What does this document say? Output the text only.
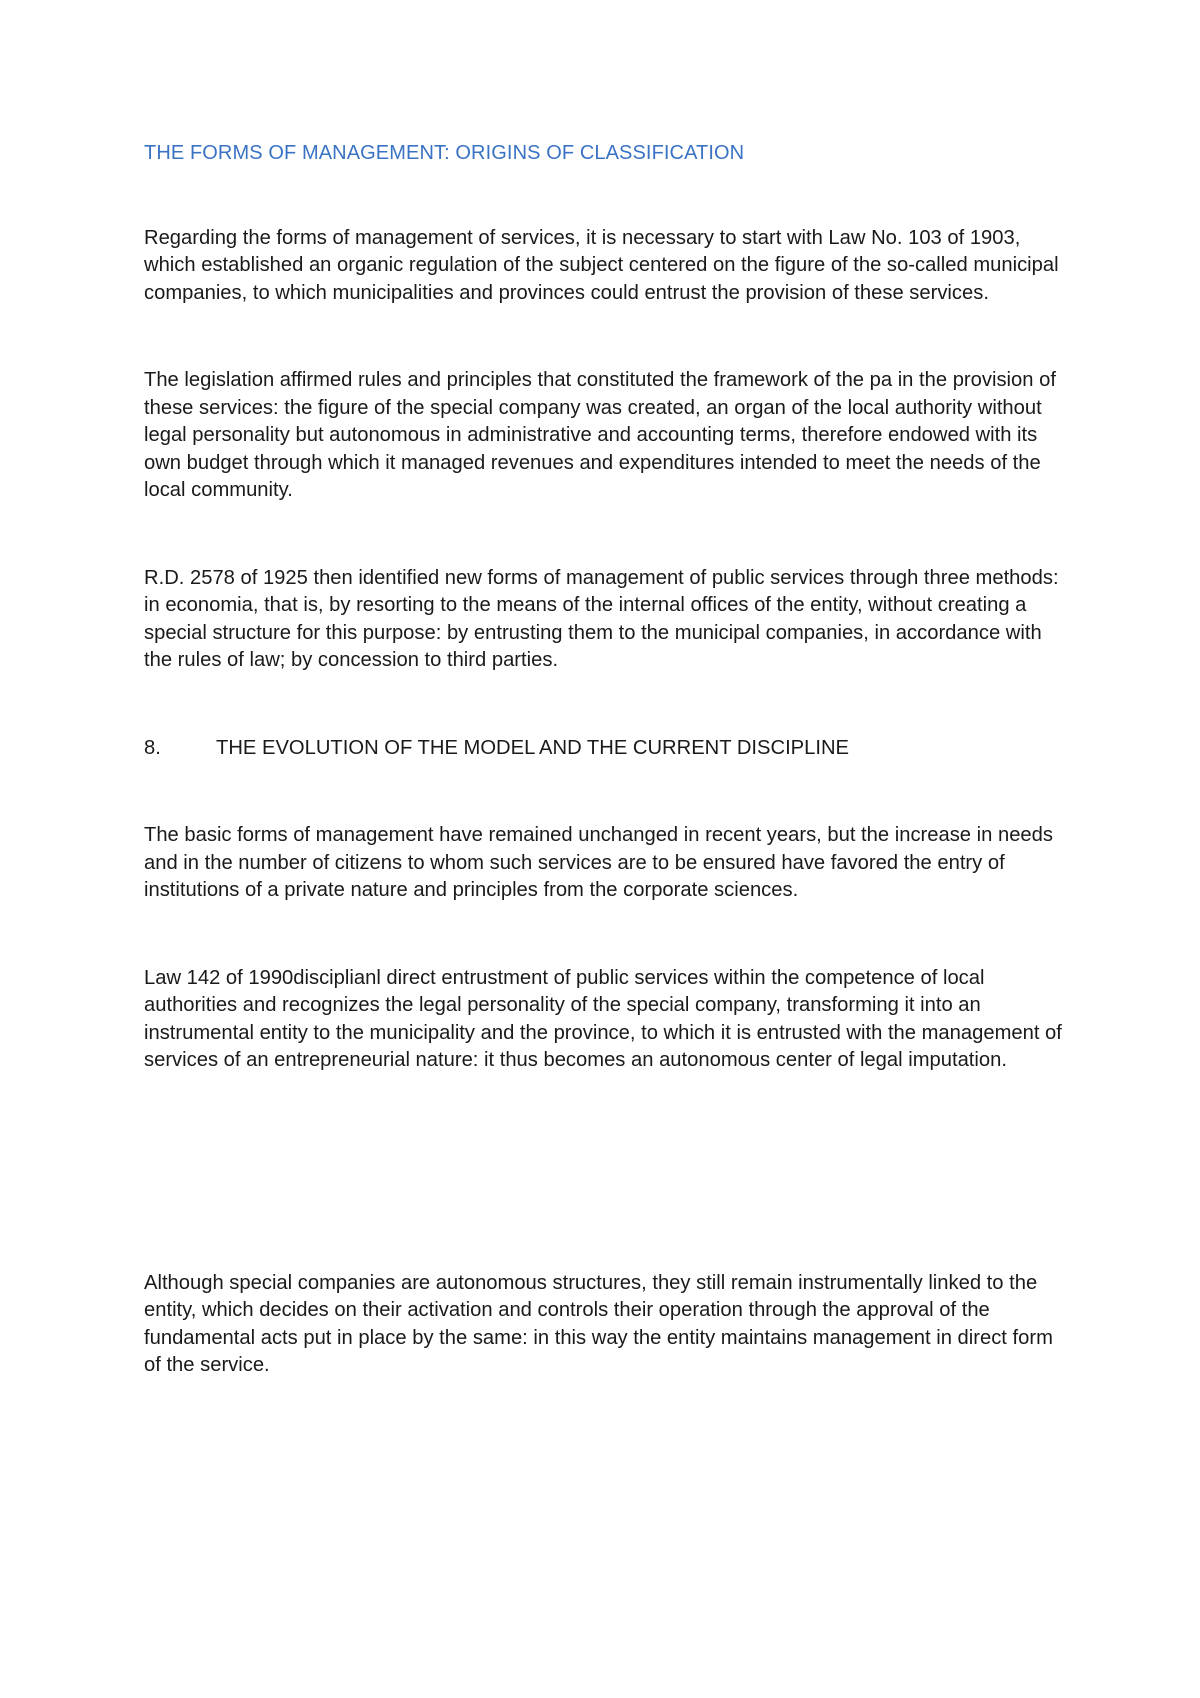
THE FORMS OF MANAGEMENT: ORIGINS OF CLASSIFICATION

Regarding the forms of management of services, it is necessary to start with Law No. 103 of 1903, which established an organic regulation of the subject centered on the figure of the so-called municipal companies, to which municipalities and provinces could entrust the provision of these services.

The legislation affirmed rules and principles that constituted the framework of the pa in the provision of these services: the figure of the special company was created, an organ of the local authority without legal personality but autonomous in administrative and accounting terms, therefore endowed with its own budget through which it managed revenues and expenditures intended to meet the needs of the local community.

R.D. 2578 of 1925 then identified new forms of management of public services through three methods: in economia, that is, by resorting to the means of the internal offices of the entity, without creating a special structure for this purpose: by entrusting them to the municipal companies, in accordance with the rules of law; by concession to third parties.

8.	THE EVOLUTION OF THE MODEL AND THE CURRENT DISCIPLINE

The basic forms of management have remained unchanged in recent years, but the increase in needs and in the number of citizens to whom such services are to be ensured have favored the entry of institutions of a private nature and principles from the corporate sciences.

Law 142 of 1990disciplianl direct entrustment of public services within the competence of local authorities and recognizes the legal personality of the special company, transforming it into an instrumental entity to the municipality and the province, to which it is entrusted with the management of services of an entrepreneurial nature: it thus becomes an autonomous center of legal imputation.

Although special companies are autonomous structures, they still remain instrumentally linked to the entity, which decides on their activation and controls their operation through the approval of the fundamental acts put in place by the same: in this way the entity maintains management in direct form of the service.
